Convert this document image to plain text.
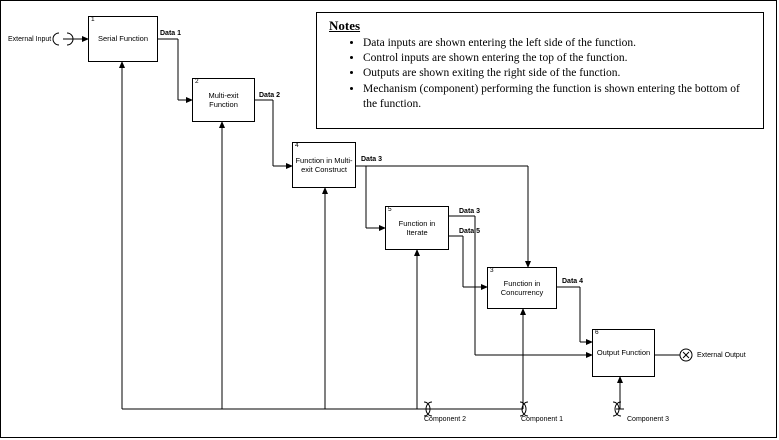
1
Serial Function
2
Multi-exit Function
4
Function in Multi-exit Construct
5
Function in Iterate
3
Function in Concurrency
6
Output Function
External Input
External Output
Data 1
Data 2
Data 3
Data 3
Data 5
Data 4
Component 2	Component 1	Component 3
Notes
• Data inputs are shown entering the left side of the function.
• Control inputs are shown entering the top of the function.
• Outputs are shown exiting the right side of the function.
• Mechanism (component) performing the function is shown entering the bottom of the function.
